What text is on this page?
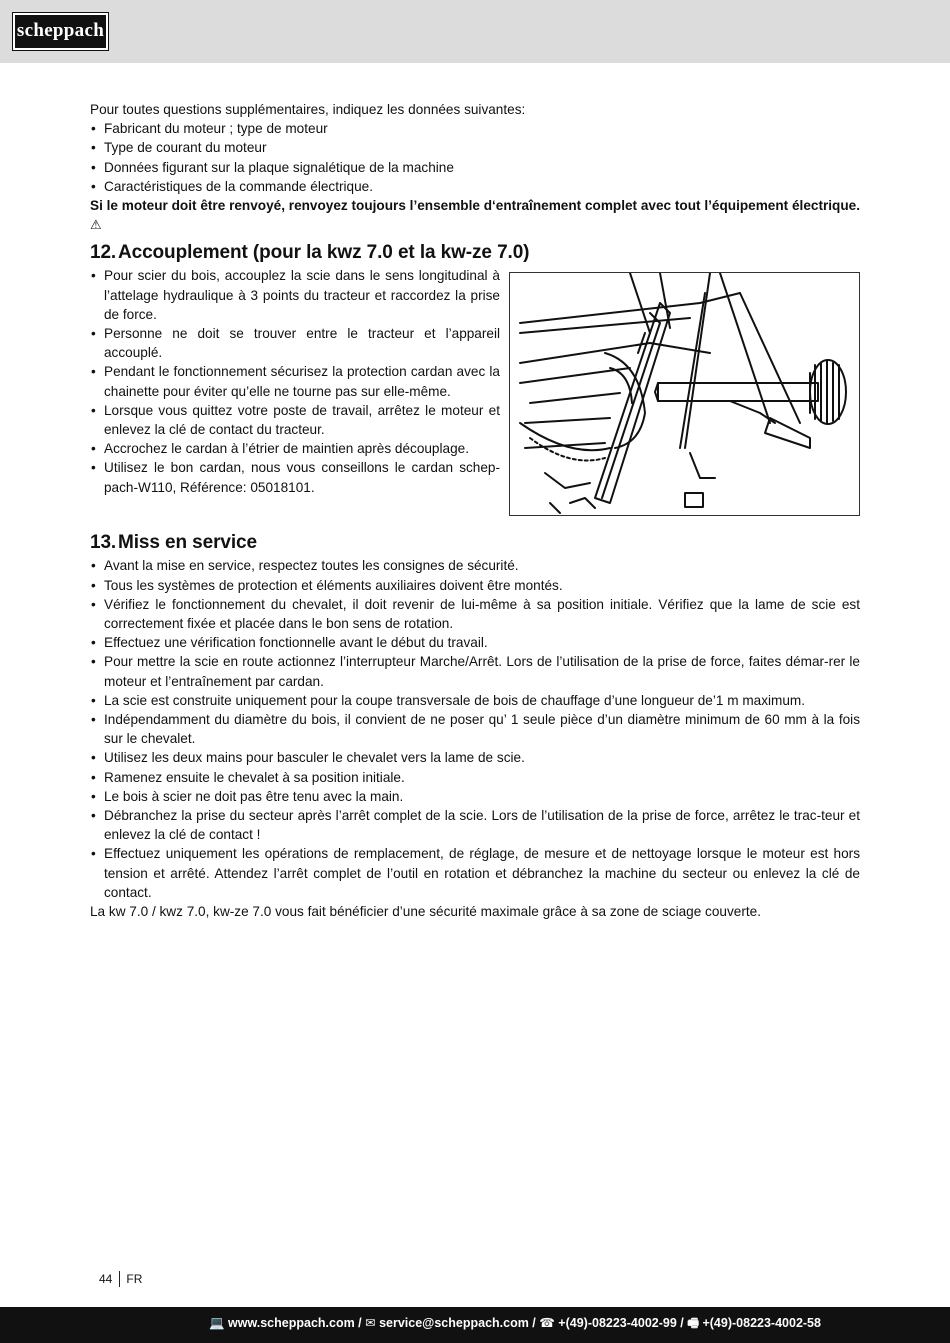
scheppach

Pour toutes questions supplémentaires, indiquez les données suivantes:

• Fabricant du moteur ; type de moteur
• Type de courant du moteur
• Données figurant sur la plaque signalétique de la machine
• Caractéristiques de la commande électrique.

Si le moteur doit être renvoyé, renvoyez toujours l’ensemble d‘entraînement complet avec tout l’équipement électrique. ⚠

12.Accouplement (pour la kwz 7.0 et la kw-ze 7.0)
• Pour scier du bois, accouplez la scie dans le sens longitudinal à l’attelage hydraulique à 3 points du tracteur et raccordez la prise de force.
• Personne ne doit se trouver entre le tracteur et l’appareil accouplé.
• Pendant le fonctionnement sécurisez la protection cardan avec la chainette pour éviter qu’elle ne tourne pas sur elle-même.
• Lorsque vous quittez votre poste de travail, arrêtez le moteur et enlevez la clé de contact du tracteur.
• Accrochez le cardan à l’étrier de maintien après découplage.
• Utilisez le bon cardan, nous vous conseillons le cardan schep-pach-W110, Référence: 05018101.
13.Miss en service
• Avant la mise en service, respectez toutes les consignes de sécurité.
• Tous les systèmes de protection et éléments auxiliaires doivent être montés.
• Vérifiez le fonctionnement du chevalet, il doit revenir de lui-même à sa position initiale. Vérifiez que la lame de scie est correctement fixée et placée dans le bon sens de rotation.
• Effectuez une vérification fonctionnelle avant le début du travail.
• Pour mettre la scie en route actionnez l’interrupteur Marche/Arrêt. Lors de l’utilisation de la prise de force, faites démar-rer le moteur et l’entraînement par cardan.
• La scie est construite uniquement pour la coupe transversale de bois de chauffage d’une longueur de’1 m maximum.
• Indépendamment du diamètre du bois, il convient de ne poser qu’ 1 seule pièce d’un diamètre minimum de 60 mm à la fois sur le chevalet.
• Utilisez les deux mains pour basculer le chevalet vers la lame de scie.
• Ramenez ensuite le chevalet à sa position initiale.
• Le bois à scier ne doit pas être tenu avec la main.
• Débranchez la prise du secteur après l’arrêt complet de la scie. Lors de l’utilisation de la prise de force, arrêtez le trac-teur et enlevez la clé de contact !
• Effectuez uniquement les opérations de remplacement, de réglage, de mesure et de nettoyage lorsque le moteur est hors tension et arrêté. Attendez l’arrêt complet de l’outil en rotation et débranchez la machine du secteur ou enlevez la clé de contact.

La kw 7.0 / kwz 7.0, kw-ze 7.0 vous fait bénéficier d’une sécurité maximale grâce à sa zone de sciage couverte.

44 FR
💻 www.scheppach.com / ✉ service@scheppach.com / ☎ +(49)-08223-4002-99 / 🖷 +(49)-08223-4002-58
